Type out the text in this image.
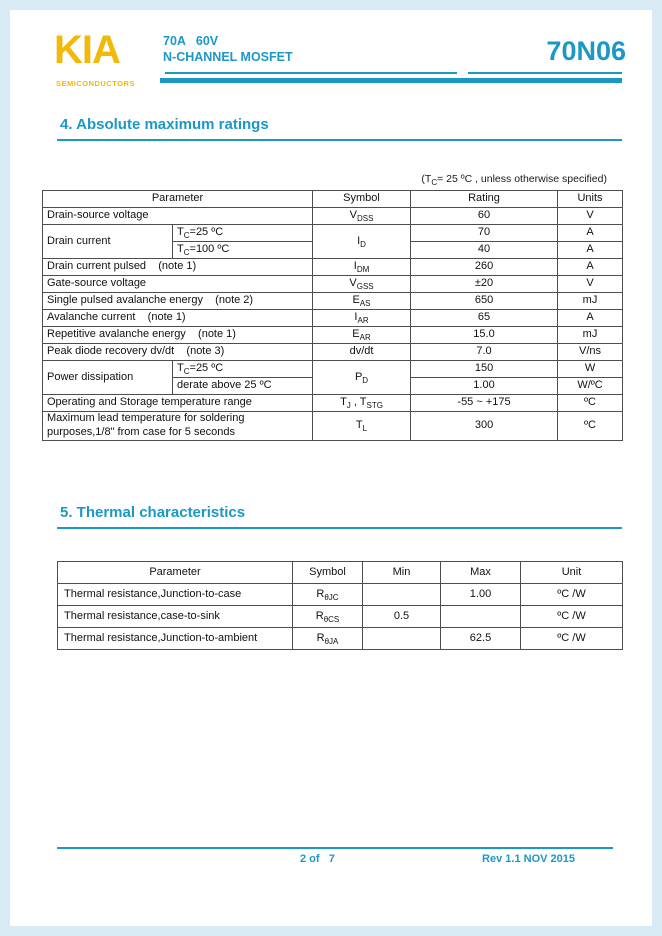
KIA
SEMICONDUCTORS
70A   60V
N-CHANNEL MOSFET	70N06
4. Absolute maximum ratings
($T_C= 25$ ºC , unless otherwise specified)
Parameter		Symbol	Rating	Units
Drain-source voltage		$V_{DSS}$	60	V
Drain current	$T_C=25$ ºC	$I_D$	70	A
	$T_C=100$ ºC		40	A
Drain current pulsed    (note 1)		$I_{DM}$	260	A
Gate-source voltage		$V_{GSS}$	±20	V
Single pulsed avalanche energy    (note 2)		$E_{AS}$	650	mJ
Avalanche current    (note 1)		$I_{AR}$	65	A
Repetitive avalanche energy    (note 1)		$E_{AR}$	15.0	mJ
Peak diode recovery dv/dt    (note 3)		dv/dt	7.0	V/ns
Power dissipation	$T_C=25$ ºC	$P_D$	150	W
	derate above 25 ºC		1.00	W/ºC
Operating and Storage temperature range		$T_J$ , $T_{STG}$	-55 ~ +175	ºC
Maximum lead temperature for soldering purposes,1/8" from case for 5 seconds		$T_L$	300	ºC
5. Thermal characteristics
Parameter	Symbol	Min	Max	Unit
Thermal resistance,Junction-to-case	$R_{\theta JC}$		1.00	ºC /W
Thermal resistance,case-to-sink	$R_{\theta CS}$	0.5		ºC /W
Thermal resistance,Junction-to-ambient	$R_{\theta JA}$		62.5	ºC /W
2 of   7	Rev 1.1 NOV 2015
